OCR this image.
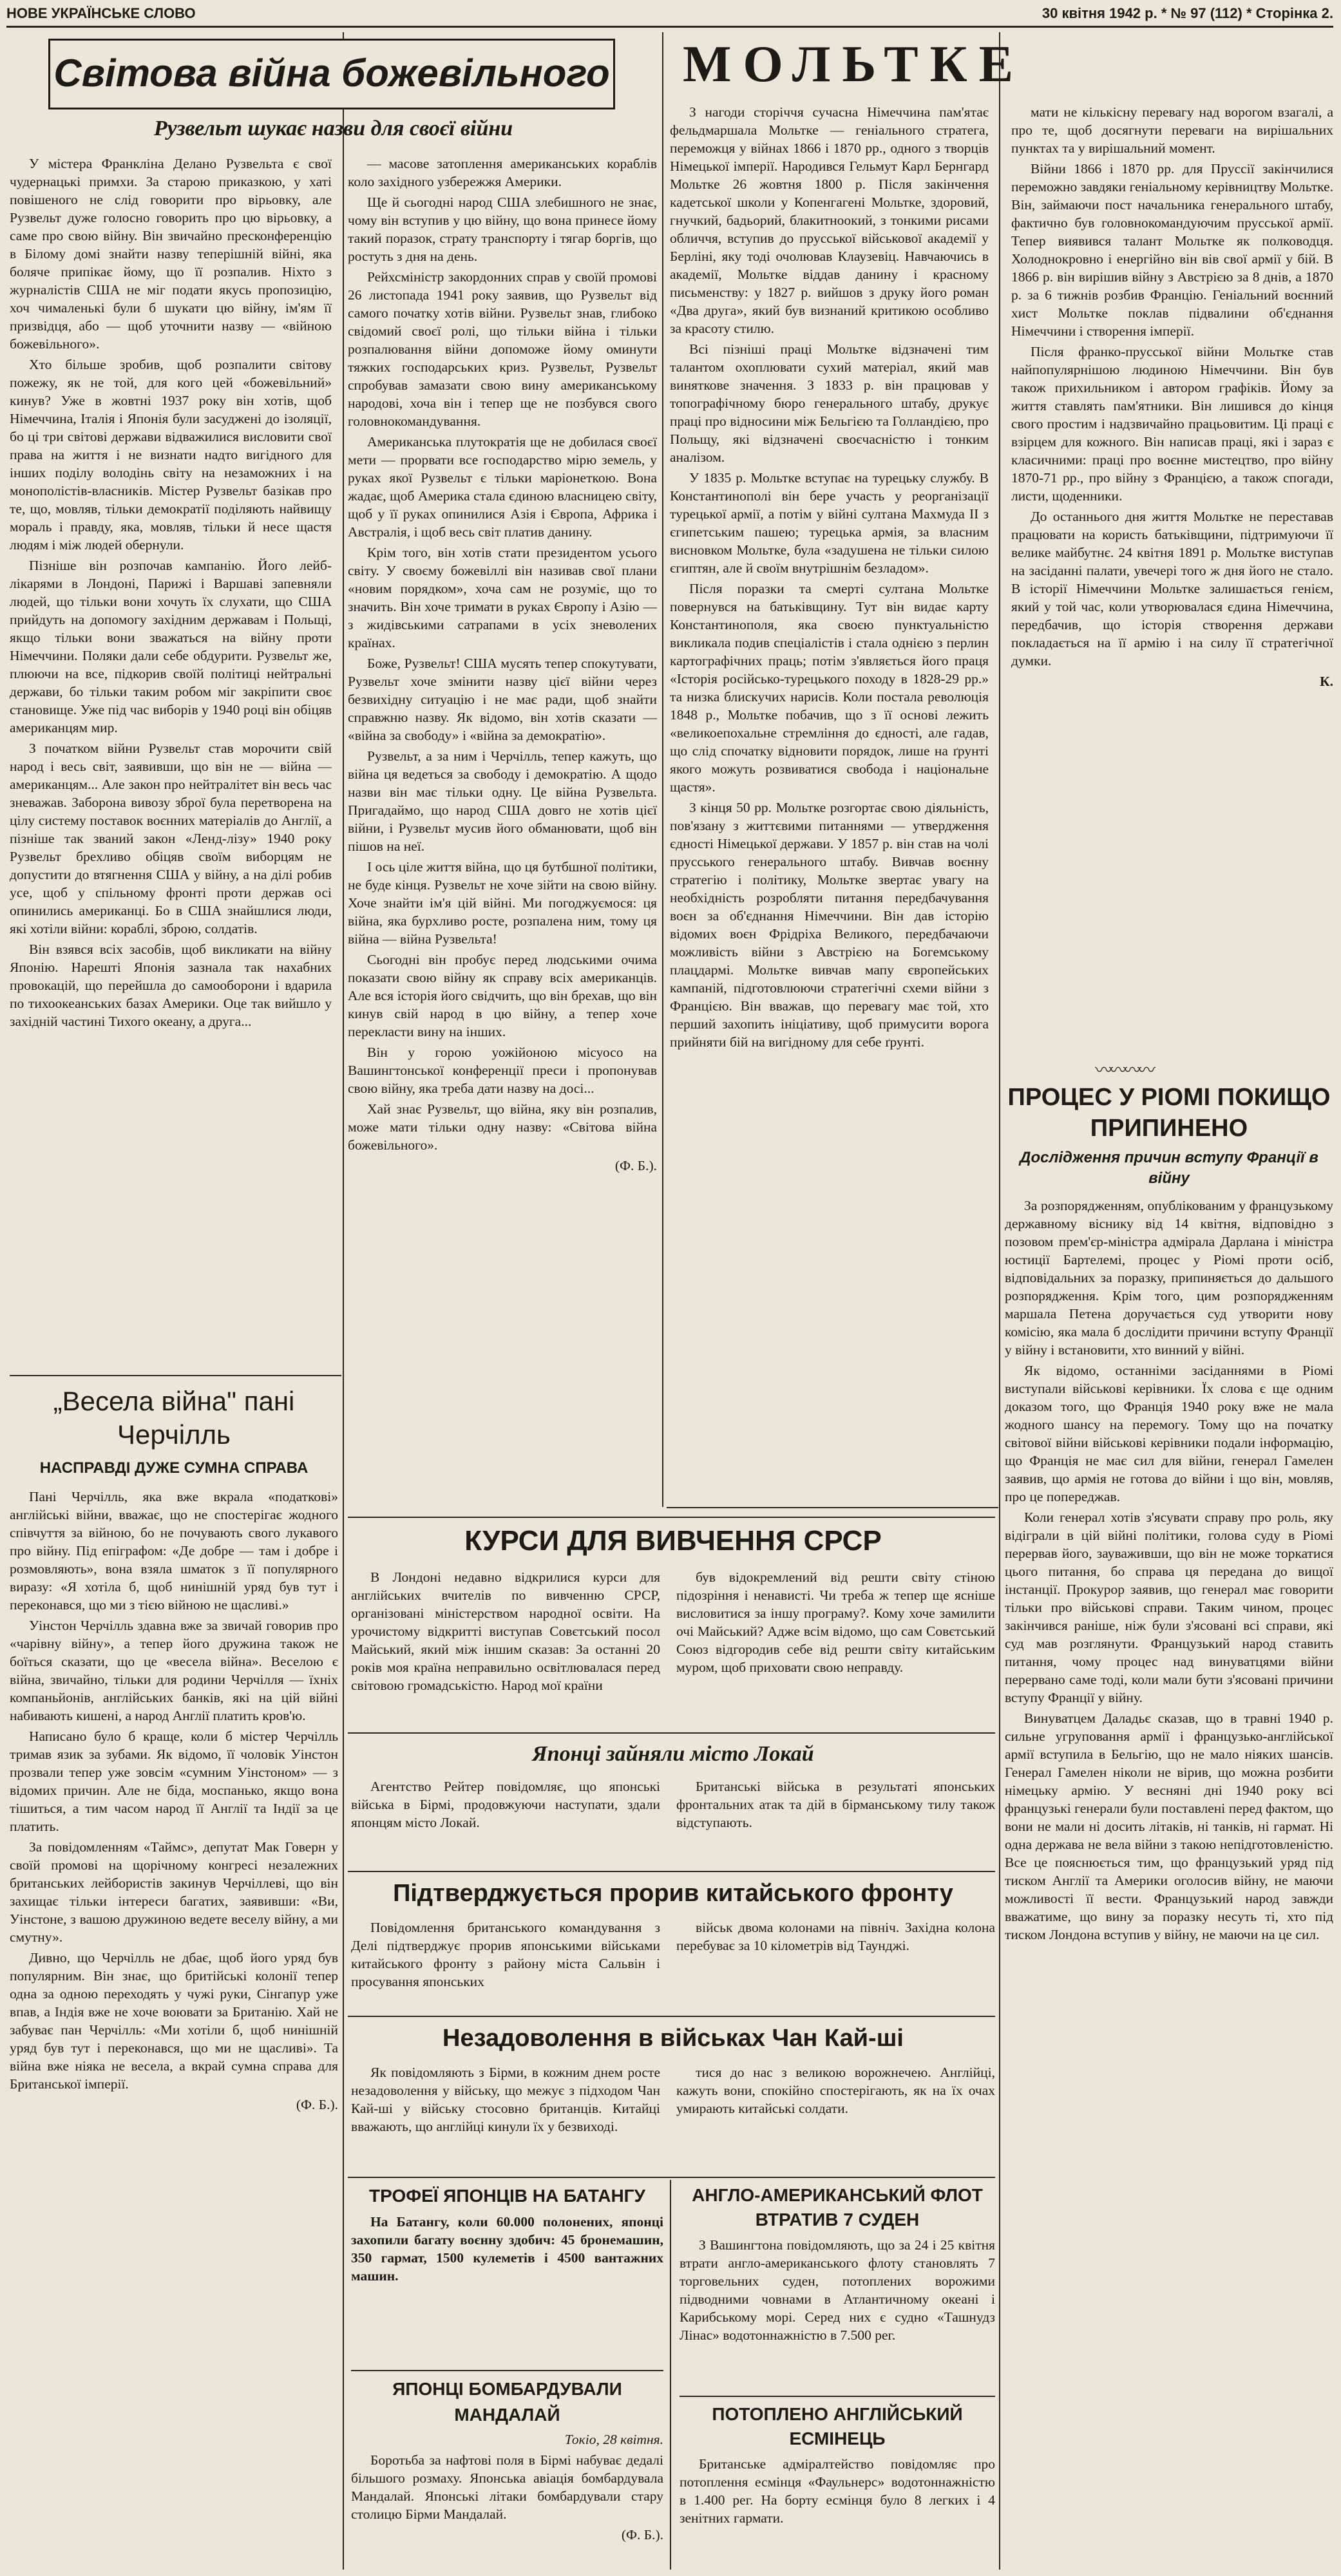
НОВЕ УКРАЇНСЬКЕ СЛОВО	30 квітня 1942 р. * № 97 (112) * Сторінка 2.
Світова війна божевільного
Рузвельт шукає назви для своєї війни

У містера Франкліна Делано Рузвельта є свої чудернацькі примхи. За старою приказкою, у хаті повішеного не слід говорити про вірьовку, але Рузвельт дуже голосно говорить про цю вірьовку, а саме про свою війну. Він звичайно пресконференцію в Білому домі знайти назву теперішній війні, яка боляче припікає йому, що її розпалив. Ніхто з журналістів США не міг подати якусь пропозицію, хоч чималенькі були б шукати цю війну, ім'ям її призвідця, або — щоб уточнити назву — «війною божевільного».

Хто більше зробив, щоб розпалити світову пожежу, як не той, для кого цей «божевільний» кинув? Уже в жовтні 1937 року він хотів, щоб Німеччина, Італія і Японія були засуджені до ізоляції, бо ці три світові держави відважилися висловити свої права на життя і не визнати надто вигідного для інших поділу володінь світу на незаможних і на монополістів-власників. Містер Рузвельт базікав про те, що, мовляв, тільки демократії поділяють найвищу мораль і правду, яка, мовляв, тільки й несе щастя людям і між людей обернули.

Пізніше він розпочав кампанію. Його лейб-лікарями в Лондоні, Парижі і Варшаві запевняли людей, що тільки вони хочуть їх слухати, що США прийдуть на допомогу західним державам і Польщі, якщо тільки вони зважаться на війну проти Німеччини. Поляки дали себе обдурити. Рузвельт же, плюючи на все, підкорив своїй політиці нейтральні держави, бо тільки таким робом міг закріпити своє становище. Уже під час виборів у 1940 році він обіцяв американцям мир.

З початком війни Рузвельт став морочити свій народ і весь світ, заявивши, що він не — війна — американцям... Але закон про нейтралітет він весь час зневажав. Заборона вивозу зброї була перетворена на цілу систему поставок воєнних матеріалів до Англії, а пізніше так званий закон «Ленд-лізу» 1940 року Рузвельт брехливо обіцяв своїм виборцям не допустити до втягнення США у війну, а на ділі робив усе, щоб у спільному фронті проти держав осі опинились американці. Бо в США знайшлися люди, які хотіли війни: кораблі, зброю, солдатів.

Він взявся всіх засобів, щоб викликати на війну Японію. Нарешті Японія зазнала так нахабних провокацій, що перейшла до самооборони і вдарила по тихоокеанських базах Америки. Оце так вийшло у західній частині Тихого океану, а друга...

— масове затоплення американських кораблів коло західного узбережжя Америки.

Ще й сьогодні народ США злебишного не знає, чому він вступив у цю війну, що вона принесе йому такий поразок, страту транспорту і тягар боргів, що ростуть з дня на день.

Рейхсміністр закордонних справ у своїй промові 26 листопада 1941 року заявив, що Рузвельт від самого початку хотів війни. Рузвельт знав, глибоко свідомий своєї ролі, що тільки війна і тільки розпалювання війни допоможе йому оминути тяжких господарських криз. Рузвельт, Рузвельт спробував замазати свою вину американському народові, хоча він і тепер ще не позбувся свого головнокомандування.

Американська плутократія ще не добилася своєї мети — прорвати все господарство мірю земель, у руках якої Рузвельт є тільки маріонеткою. Вона жадає, щоб Америка стала єдиною власницею світу, щоб у її руках опинилися Азія і Європа, Африка і Австралія, і щоб весь світ платив данину.

Крім того, він хотів стати президентом усього світу. У своєму божевіллі він називав свої плани «новим порядком», хоча сам не розуміє, що то значить. Він хоче тримати в руках Європу і Азію — з жидівськими сатрапами в усіх зневолених країнах.

Боже, Рузвельт! США мусять тепер спокутувати, Рузвельт хоче змінити назву цієї війни через безвихідну ситуацію і не має ради, щоб знайти справжню назву. Як відомо, він хотів сказати — «війна за свободу» і «війна за демократію».

Рузвельт, а за ним і Черчілль, тепер кажуть, що війна ця ведеться за свободу і демократію. А щодо назви він має тільки одну. Це війна Рузвельта. Пригадаймо, що народ США довго не хотів цієї війни, і Рузвельт мусив його обманювати, щоб він пішов на неї.

І ось ціле життя війна, що ця бутбшної політики, не буде кінця. Рузвельт не хоче зійти на свою війну. Хоче знайти ім'я цій війні. Ми погоджуємося: ця війна, яка бурхливо росте, розпалена ним, тому ця війна — війна Рузвельта!

Сьогодні він пробує перед людськими очима показати свою війну як справу всіх американців. Але вся історія його свідчить, що він брехав, що він кинув свій народ в цю війну, а тепер хоче перекласти вину на інших.

Він у горою уожійоною місуосо на Вашингтонської конференції преси і пропонував свою війну, яка треба дати назву на досі...

Хай знає Рузвельт, що війна, яку він розпалив, може мати тільки одну назву: «Світова війна божевільного».

(Ф. Б.).

„Весела війна" пані Черчілль
НАСПРАВДІ ДУЖЕ СУМНА СПРАВА

Пані Черчілль, яка вже вкрала «податкові» англійські війни, вважає, що не спостерігає жодного співчуття за війною, бо не почувають свого лукавого про війну. Під епіграфом: «Де добре — там і добре і розмовляють», вона взяла шматок з її популярного виразу: «Я хотіла б, щоб нинішній уряд був тут і переконався, що ми з тією війною не щасливі.»

Уінстон Черчілль здавна вже за звичай говорив про «чарівну війну», а тепер його дружина також не боїться сказати, що це «весела війна». Веселою є війна, звичайно, тільки для родини Черчілля — їхніх компаньйонів, англійських банків, які на цій війні набивають кишені, а народ Англії платить кров'ю.

Написано було б краще, коли б містер Черчілль тримав язик за зубами. Як відомо, її чоловік Уінстон прозвали тепер уже зовсім «сумним Уінстоном» — з відомих причин. Але не біда, моспанько, якщо вона тішиться, а тим часом народ її Англії та Індії за це платить.

За повідомленням «Таймс», депутат Мак Говерн у своїй промові на щорічному конгресі незалежних британських лейбористів закинув Черчіллеві, що він захищає тільки інтереси багатих, заявивши: «Ви, Уінстоне, з вашою дружиною ведете веселу війну, а ми смутну».

Дивно, що Черчілль не дбає, щоб його уряд був популярним. Він знає, що бритійські колонії тепер одна за одною переходять у чужі руки, Сінгапур уже впав, а Індія вже не хоче воювати за Британію. Хай не забуває пан Черчілль: «Ми хотіли б, щоб нинішній уряд був тут і переконався, що ми не щасливі». Та війна вже ніяка не весела, а вкрай сумна справа для Британської імперії.

(Ф. Б.).

МОЛЬТКЕ

З нагоди сторіччя сучасна Німеччина пам'ятає фельдмаршала Мольтке — геніального стратега, переможця у війнах 1866 і 1870 рр., одного з творців Німецької імперії. Народився Гельмут Карл Бернгард Мольтке 26 жовтня 1800 р. Після закінчення кадетської школи у Копенгагені Мольтке, здоровий, гнучкий, бадьорий, блакитноокий, з тонкими рисами обличчя, вступив до прусської військової академії у Берліні, яку тоді очолював Клаузевіц. Навчаючись в академії, Мольтке віддав данину і красному письменству: у 1827 р. вийшов з друку його роман «Два друга», який був визнаний критикою особливо за красоту стилю.

Всі пізніші праці Мольтке відзначені тим талантом охоплювати сухий матеріал, який мав виняткове значення. З 1833 р. він працював у топографічному бюро генерального штабу, друкує праці про відносини між Бельгією та Голландією, про Польщу, які відзначені своєчасністю і тонким аналізом.

У 1835 р. Мольтке вступає на турецьку службу. В Константинополі він бере участь у реорганізації турецької армії, а потім у війні султана Махмуда II з єгипетським пашею; турецька армія, за власним висновком Мольтке, була «задушена не тільки силою єгиптян, але й своїм внутрішнім безладом».

Після поразки та смерті султана Мольтке повернувся на батьківщину. Тут він видає карту Константинополя, яка своєю пунктуальністю викликала подив спеціалістів і стала однією з перлин картографічних праць; потім з'являється його праця «Історія російсько-турецького походу в 1828-29 pp.» та низка блискучих нарисів. Коли постала революція 1848 р., Мольтке побачив, що з її основі лежить «великоепохальне стремління до єдності, але гадав, що слід спочатку відновити порядок, лише на ґрунті якого можуть розвиватися свобода і національне щастя».

З кінця 50 рр. Мольтке розгортає свою діяльність, пов'язану з життєвими питаннями — утвердження єдності Німецької держави. У 1857 р. він став на чолі прусського генерального штабу. Вивчав воєнну стратегію і політику, Мольтке звертає увагу на необхідність розробляти питання передбачування воєн за об'єднання Німеччини. Він дав історію відомих воєн Фрідріха Великого, передбачаючи можливість війни з Австрією на Богемському плацдармі. Мольтке вивчав мапу європейських кампаній, підготовлюючи стратегічні схеми війни з Францією. Він вважав, що перевагу має той, хто перший захопить ініціативу, щоб примусити ворога прийняти бій на вигідному для себе ґрунті.

мати не кількісну перевагу над ворогом взагалі, а про те, щоб досягнути переваги на вирішальних пунктах та у вирішальний момент.

Війни 1866 і 1870 рр. для Пруссії закінчилися переможно завдяки геніальному керівництву Мольтке. Він, займаючи пост начальника генерального штабу, фактично був головнокомандуючим прусської армії. Тепер виявився талант Мольтке як полководця. Холоднокровно і енергійно він вів свої армії у бій. В 1866 р. він вирішив війну з Австрією за 8 днів, а 1870 р. за 6 тижнів розбив Францію. Геніальний воєнний хист Мольтке поклав підвалини об'єднання Німеччини і створення імперії.

Після франко-прусської війни Мольтке став найпопулярнішою людиною Німеччини. Він був також прихильником і автором графіків. Йому за життя ставлять пам'ятники. Він лишився до кінця свого простим і надзвичайно працьовитим. Ці праці є взірцем для кожного. Він написав праці, які і зараз є класичними: праці про воєнне мистецтво, про війну 1870-71 рр., про війну з Францією, а також спогади, листи, щоденники.

До останнього дня життя Мольтке не переставав працювати на користь батьківщини, підтримуючи її велике майбутнє. 24 квітня 1891 р. Мольтке виступав на засіданні палати, увечері того ж дня його не стало. В історії Німеччини Мольтке залишається генієм, який у той час, коли утворювалася єдина Німеччина, передбачив, що історія створення держави покладається на її армію і на силу її стратегічної думки.

К.

〰〰〰〰
ПРОЦЕС У РІОМІ ПОКИЩО ПРИПИНЕНО
Дослідження причин вступу Франції в війну

За розпорядженням, опублікованим у французькому державному віснику від 14 квітня, відповідно з позовом прем'єр-міністра адмірала Дарлана і міністра юстиції Бартелемі, процес у Ріомі проти осіб, відповідальних за поразку, припиняється до дальшого розпорядження. Крім того, цим розпорядженням маршала Петена доручається суд утворити нову комісію, яка мала б дослідити причини вступу Франції у війну і встановити, хто винний у війні.

Як відомо, останніми засіданнями в Ріомі виступали військові керівники. Їх слова є ще одним доказом того, що Франція 1940 року вже не мала жодного шансу на перемогу. Тому що на початку світової війни військові керівники подали інформацію, що Франція не має сил для війни, генерал Гамелен заявив, що армія не готова до війни і що він, мовляв, про це попереджав.

Коли генерал хотів з'ясувати справу про роль, яку відіграли в цій війні політики, голова суду в Ріомі перервав його, зауваживши, що він не може торкатися цього питання, бо справа ця передана до вищої інстанції. Прокурор заявив, що генерал має говорити тільки про військові справи. Таким чином, процес закінчився раніше, ніж були з'ясовані всі справи, які суд мав розглянути. Французький народ ставить питання, чому процес над винуватцями війни перервано саме тоді, коли мали бути з'ясовані причини вступу Франції у війну.

Винуватцем Даладьє сказав, що в травні 1940 р. сильне угруповання армії і французько-англійської армії вступила в Бельгію, що не мало ніяких шансів. Генерал Гамелен ніколи не вірив, що можна розбити німецьку армію. У весняні дні 1940 року всі французькі генерали були поставлені перед фактом, що вони не мали ні досить літаків, ні танків, ні гармат. Ні одна держава не вела війни з такою непідготовленістю. Все це пояснюється тим, що французький уряд під тиском Англії та Америки оголосив війну, не маючи можливості її вести. Французький народ завжди вважатиме, що вину за поразку несуть ті, хто під тиском Лондона вступив у війну, не маючи на це сил.

КУРСИ ДЛЯ ВИВЧЕННЯ СРСР

В Лондоні недавно відкрилися курси для англійських вчителів по вивченню СРСР, організовані міністерством народної освіти. На урочистому відкритті виступав Совєтський посол Майський, який між іншим сказав: За останні 20 років моя країна неправильно освітлювалася перед світовою громадськістю. Народ мої країни

був відокремлений від решти світу стіною підозріння і ненависті. Чи треба ж тепер ще ясніше висловитися за іншу програму?. Кому хоче замилити очі Майський? Адже всім відомо, що сам Совєтський Союз відгородив себе від решти світу китайським муром, щоб приховати свою неправду.

Японці зайняли місто Локай

Агентство Рейтер повідомляє, що японські війська в Бірмі, продовжуючи наступати, здали японцям місто Локай.

Британські війська в результаті японських фронтальних атак та дій в бірманському тилу також відступають.

Підтверджується прорив китайського фронту

Повідомлення британського командування з Делі підтверджує прорив японськими військами китайського фронту з району міста Сальвін і просування японських

військ двома колонами на північ. Західна колона перебуває за 10 кілометрів від Таунджі.

Незадоволення в військах Чан Кай-ші

Як повідомляють з Бірми, в кожним днем росте незадоволення у війську, що межує з підходом Чан Кай-ші у війську стосовно британців. Китайці вважають, що англійці кинули їх у безвиході.

тися до нас з великою ворожнечею. Англійці, кажуть вони, спокійно спостерігають, як на їх очах умирають китайські солдати.

ТРОФЕЇ ЯПОНЦІВ НА БАТАНГУ

На Батангу, коли 60.000 полонених, японці захопили багату воєнну здобич: 45 бронемашин, 350 гармат, 1500 кулеметів і 4500 вантажних машин.

ЯПОНЦІ БОМБАРДУВАЛИ МАНДАЛАЙ

Токіо, 28 квітня.

Боротьба за нафтові поля в Бірмі набуває дедалі більшого розмаху. Японська авіація бомбардувала Мандалай. Японські літаки бомбардували стару столицю Бірми Мандалай.

(Ф. Б.).

АНГЛО-АМЕРИКАНСЬКИЙ ФЛОТ ВТРАТИВ 7 СУДЕН

З Вашингтона повідомляють, що за 24 і 25 квітня втрати англо-американського флоту становлять 7 торговельних суден, потоплених ворожими підводними човнами в Атлантичному океані і Карибському морі. Серед них є судно «Ташнудз Лінас» водотоннажністю в 7.500 рег.

ПОТОПЛЕНО АНГЛІЙСЬКИЙ ЕСМІНЕЦЬ

Британське адміралтейство повідомляє про потоплення есмінця «Фаульнерс» водотоннажністю в 1.400 рег. На борту есмінця було 8 легких і 4 зенітних гармати.
